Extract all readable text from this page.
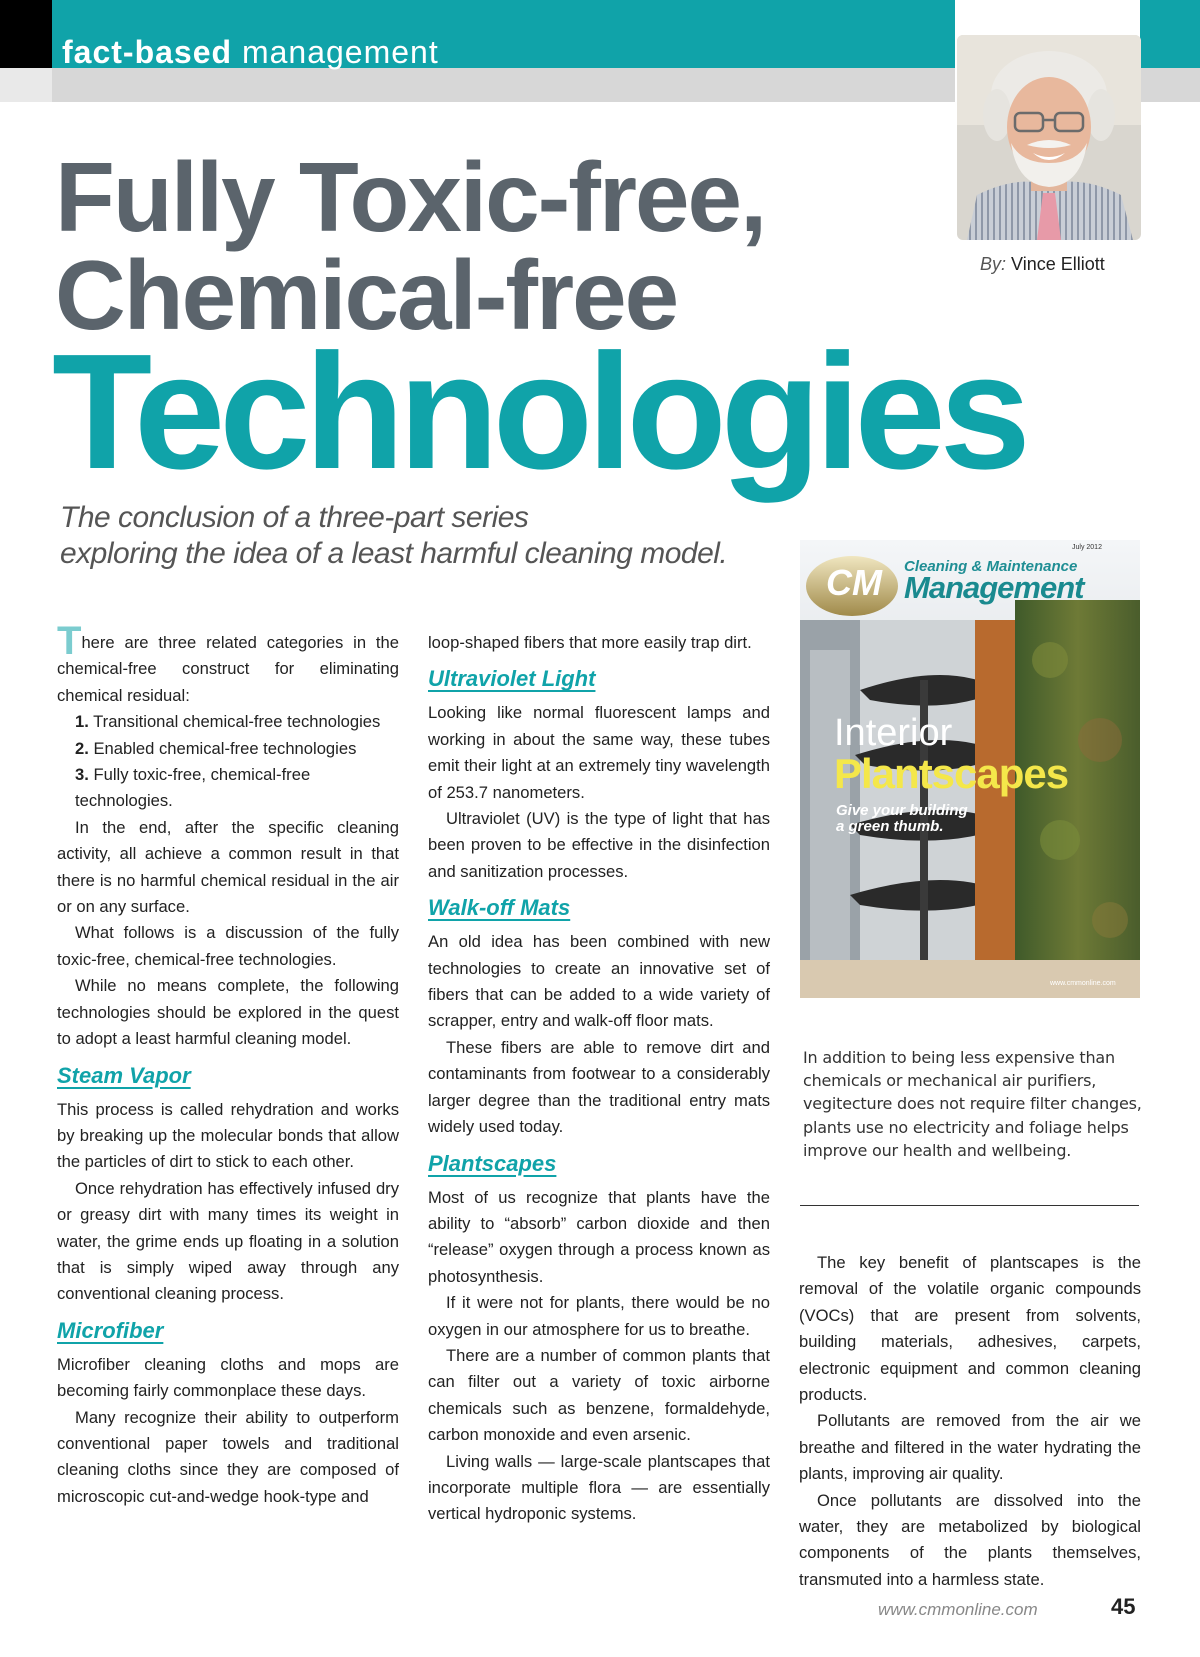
fact-based management
By: Vince Elliott
Fully Toxic-free,
Chemical-free
Technologies
The conclusion of a three-part series
exploring the idea of a least harmful cleaning model.

There are three related categories in the chemical-free construct for eliminating chemical residual:

1. Transitional chemical-free technologies
2. Enabled chemical-free technologies
3. Fully toxic-free, chemical-free technologies.

In the end, after the specific cleaning activity, all achieve a common result in that there is no harmful chemical residual in the air or on any surface.

What follows is a discussion of the fully toxic-free, chemical-free technologies.

While no means complete, the following technologies should be explored in the quest to adopt a least harmful cleaning model.

Steam Vapor

This process is called rehydration and works by breaking up the molecular bonds that allow the particles of dirt to stick to each other.

Once rehydration has effectively infused dry or greasy dirt with many times its weight in water, the grime ends up floating in a solution that is simply wiped away through any conventional cleaning process.

Microfiber

Microfiber cleaning cloths and mops are becoming fairly commonplace these days.

Many recognize their ability to outperform conventional paper towels and traditional cleaning cloths since they are composed of microscopic cut-and-wedge hook-type and

loop-shaped fibers that more easily trap dirt.

Ultraviolet Light

Looking like normal fluorescent lamps and working in about the same way, these tubes emit their light at an extremely tiny wavelength of 253.7 nanometers.

Ultraviolet (UV) is the type of light that has been proven to be effective in the disinfection and sanitization processes.

Walk-off Mats

An old idea has been combined with new technologies to create an innovative set of fibers that can be added to a wide variety of scrapper, entry and walk-off floor mats.

These fibers are able to remove dirt and contaminants from footwear to a considerably larger degree than the traditional entry mats widely used today.

Plantscapes

Most of us recognize that plants have the ability to “absorb” carbon dioxide and then “release” oxygen through a process known as photosynthesis.

If it were not for plants, there would be no oxygen in our atmosphere for us to breathe.

There are a number of common plants that can filter out a variety of toxic airborne chemicals such as benzene, formaldehyde, carbon monoxide and even arsenic.

Living walls — large-scale plantscapes that incorporate multiple flora — are essentially vertical hydroponic systems.

CM	Cleaning & Maintenance
Management
July 2012
Interior
Plantscapes
Give your building
a green thumb.
www.cmmonline.com
In addition to being less expensive than chemicals or mechanical air purifiers, vegitecture does not require filter changes, plants use no electricity and foliage helps improve our health and wellbeing.

The key benefit of plantscapes is the removal of the volatile organic compounds (VOCs) that are present from solvents, building materials, adhesives, carpets, electronic equipment and common cleaning products.

Pollutants are removed from the air we breathe and filtered in the water hydrating the plants, improving air quality.

Once pollutants are dissolved into the water, they are metabolized by biological components of the plants themselves, transmuted into a harmless state.

www.cmmonline.com	45
